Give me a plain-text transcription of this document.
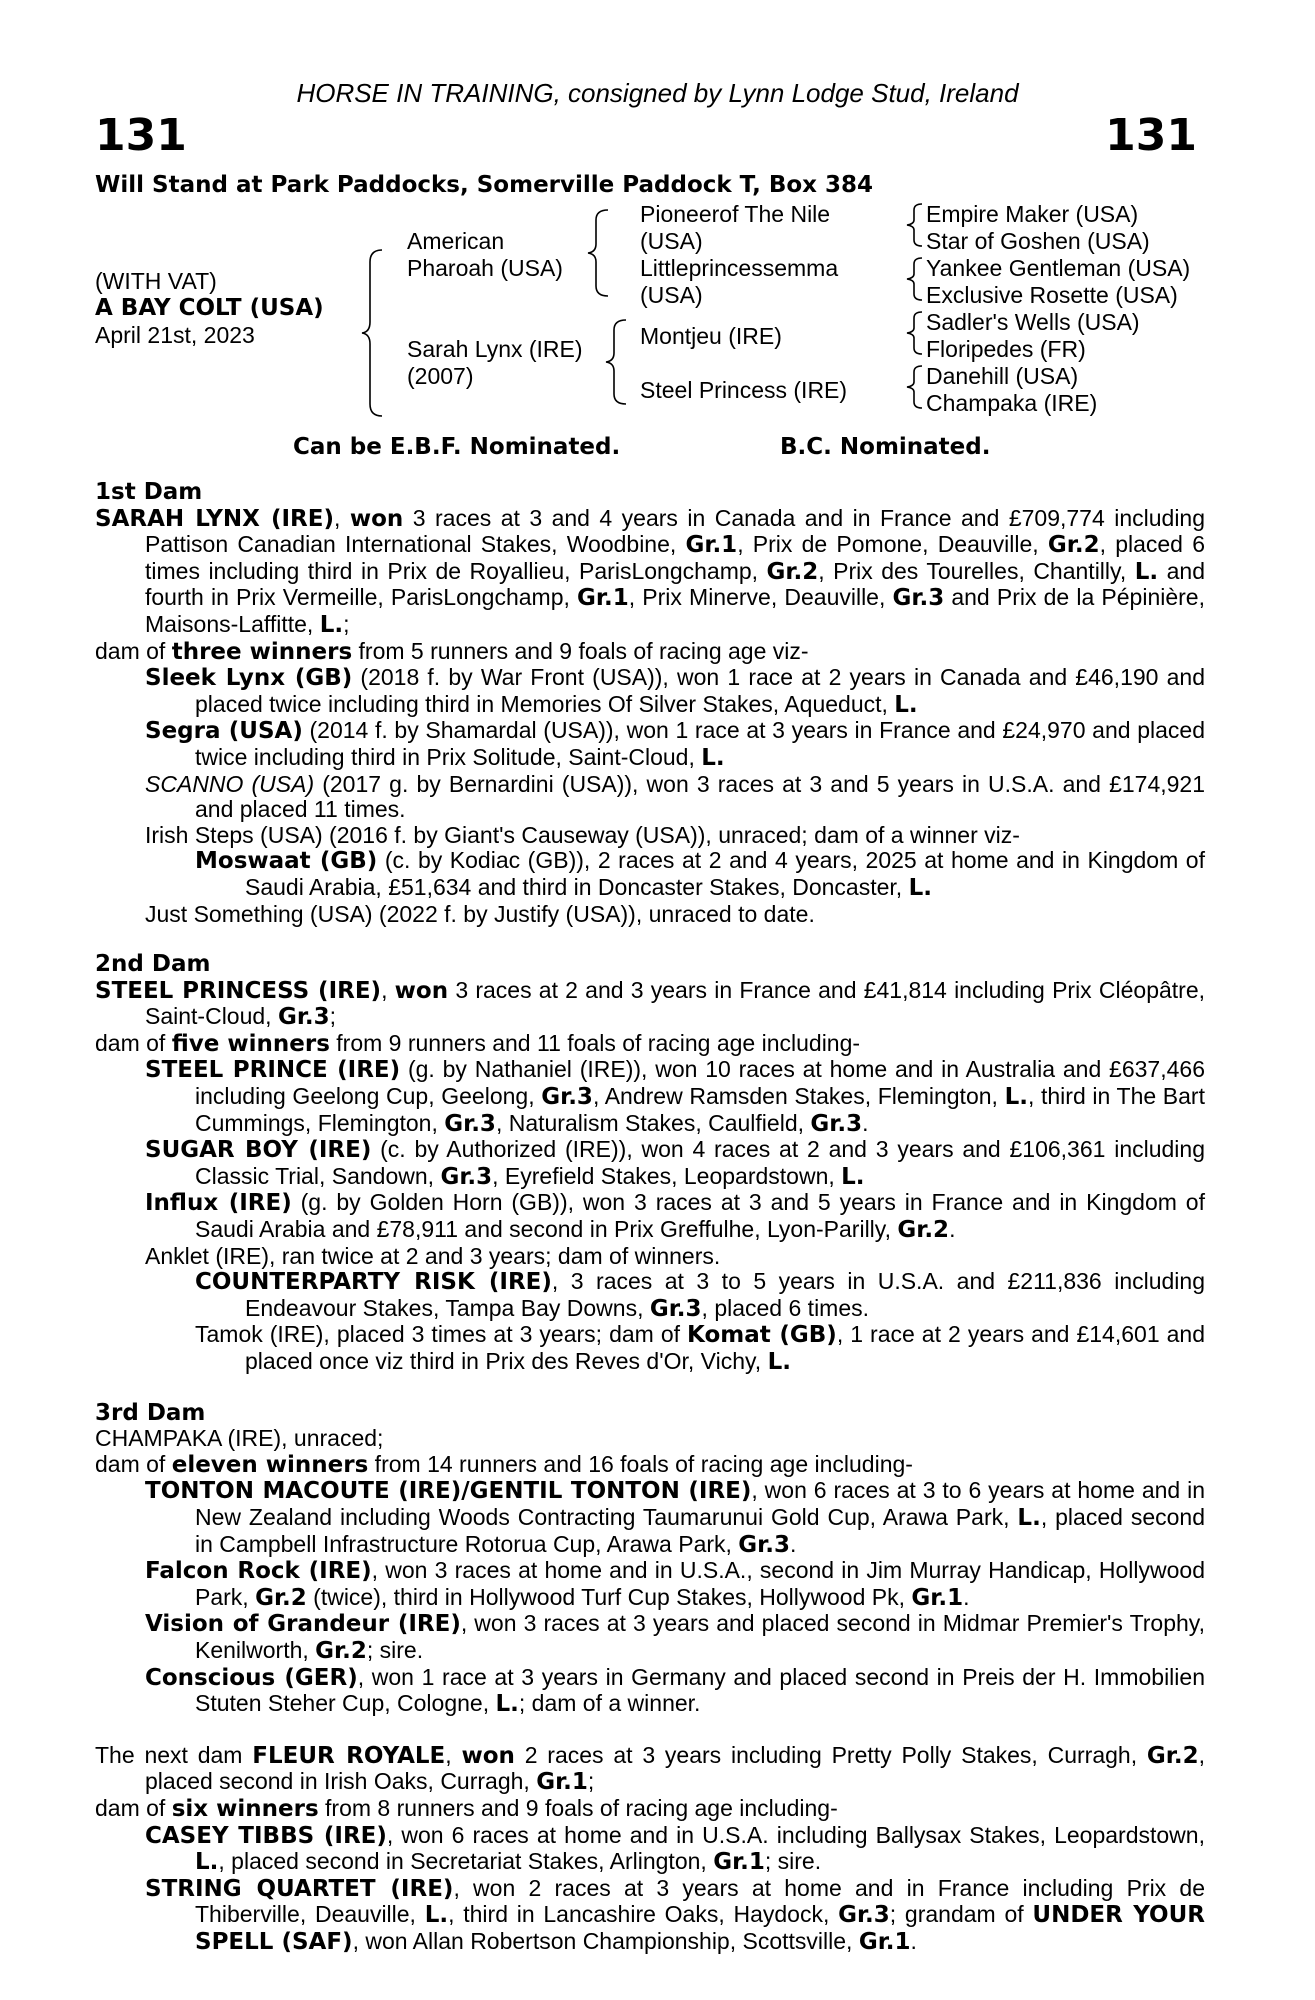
HORSE IN TRAINING, consigned by Lynn Lodge Stud, Ireland
131	131
Will Stand at Park Paddocks, Somerville Paddock T, Box 384
(WITH VAT)
A BAY COLT (USA)
April 21st, 2023
American
Pharoah (USA)
Sarah Lynx (IRE)
(2007)
Pioneerof The Nile
(USA)
Littleprincessemma
(USA)
Montjeu (IRE)
Steel Princess (IRE)
Empire Maker (USA)
Star of Goshen (USA)
Yankee Gentleman (USA)
Exclusive Rosette (USA)
Sadler's Wells (USA)
Floripedes (FR)
Danehill (USA)
Champaka (IRE)
Can be E.B.F. Nominated.	B.C. Nominated.

1st Dam

SARAH LYNX (IRE), won 3 races at 3 and 4 years in Canada and in France and £709,774 including Pattison Canadian International Stakes, Woodbine, Gr.1, Prix de Pomone, Deauville, Gr.2, placed 6 times including third in Prix de Royallieu, ParisLongchamp, Gr.2, Prix des Tourelles, Chantilly, L. and fourth in Prix Vermeille, ParisLongchamp, Gr.1, Prix Minerve, Deauville, Gr.3 and Prix de la Pépinière, Maisons-Laffitte, L.;

dam of three winners from 5 runners and 9 foals of racing age viz-

Sleek Lynx (GB) (2018 f. by War Front (USA)), won 1 race at 2 years in Canada and £46,190 and placed twice including third in Memories Of Silver Stakes, Aqueduct, L.

Segra (USA) (2014 f. by Shamardal (USA)), won 1 race at 3 years in France and £24,970 and placed twice including third in Prix Solitude, Saint-Cloud, L.

SCANNO (USA) (2017 g. by Bernardini (USA)), won 3 races at 3 and 5 years in U.S.A. and £174,921 and placed 11 times.

Irish Steps (USA) (2016 f. by Giant's Causeway (USA)), unraced; dam of a winner viz-

Moswaat (GB) (c. by Kodiac (GB)), 2 races at 2 and 4 years, 2025 at home and in Kingdom of Saudi Arabia, £51,634 and third in Doncaster Stakes, Doncaster, L.

Just Something (USA) (2022 f. by Justify (USA)), unraced to date.

2nd Dam

STEEL PRINCESS (IRE), won 3 races at 2 and 3 years in France and £41,814 including Prix Cléopâtre, Saint-Cloud, Gr.3;

dam of five winners from 9 runners and 11 foals of racing age including-

STEEL PRINCE (IRE) (g. by Nathaniel (IRE)), won 10 races at home and in Australia and £637,466 including Geelong Cup, Geelong, Gr.3, Andrew Ramsden Stakes, Flemington, L., third in The Bart Cummings, Flemington, Gr.3, Naturalism Stakes, Caulfield, Gr.3.

SUGAR BOY (IRE) (c. by Authorized (IRE)), won 4 races at 2 and 3 years and £106,361 including Classic Trial, Sandown, Gr.3, Eyrefield Stakes, Leopardstown, L.

Influx (IRE) (g. by Golden Horn (GB)), won 3 races at 3 and 5 years in France and in Kingdom of Saudi Arabia and £78,911 and second in Prix Greffulhe, Lyon-Parilly, Gr.2.

Anklet (IRE), ran twice at 2 and 3 years; dam of winners.

COUNTERPARTY RISK (IRE), 3 races at 3 to 5 years in U.S.A. and £211,836 including Endeavour Stakes, Tampa Bay Downs, Gr.3, placed 6 times.

Tamok (IRE), placed 3 times at 3 years; dam of Komat (GB), 1 race at 2 years and £14,601 and placed once viz third in Prix des Reves d'Or, Vichy, L.

3rd Dam

CHAMPAKA (IRE), unraced;

dam of eleven winners from 14 runners and 16 foals of racing age including-

TONTON MACOUTE (IRE)/GENTIL TONTON (IRE), won 6 races at 3 to 6 years at home and in New Zealand including Woods Contracting Taumarunui Gold Cup, Arawa Park, L., placed second in Campbell Infrastructure Rotorua Cup, Arawa Park, Gr.3.

Falcon Rock (IRE), won 3 races at home and in U.S.A., second in Jim Murray Handicap, Hollywood Park, Gr.2 (twice), third in Hollywood Turf Cup Stakes, Hollywood Pk, Gr.1.

Vision of Grandeur (IRE), won 3 races at 3 years and placed second in Midmar Premier's Trophy, Kenilworth, Gr.2; sire.

Conscious (GER), won 1 race at 3 years in Germany and placed second in Preis der H. Immobilien Stuten Steher Cup, Cologne, L.; dam of a winner.

The next dam FLEUR ROYALE, won 2 races at 3 years including Pretty Polly Stakes, Curragh, Gr.2, placed second in Irish Oaks, Curragh, Gr.1;

dam of six winners from 8 runners and 9 foals of racing age including-

CASEY TIBBS (IRE), won 6 races at home and in U.S.A. including Ballysax Stakes, Leopardstown, L., placed second in Secretariat Stakes, Arlington, Gr.1; sire.

STRING QUARTET (IRE), won 2 races at 3 years at home and in France including Prix de Thiberville, Deauville, L., third in Lancashire Oaks, Haydock, Gr.3; grandam of UNDER YOUR SPELL (SAF), won Allan Robertson Championship, Scottsville, Gr.1.
